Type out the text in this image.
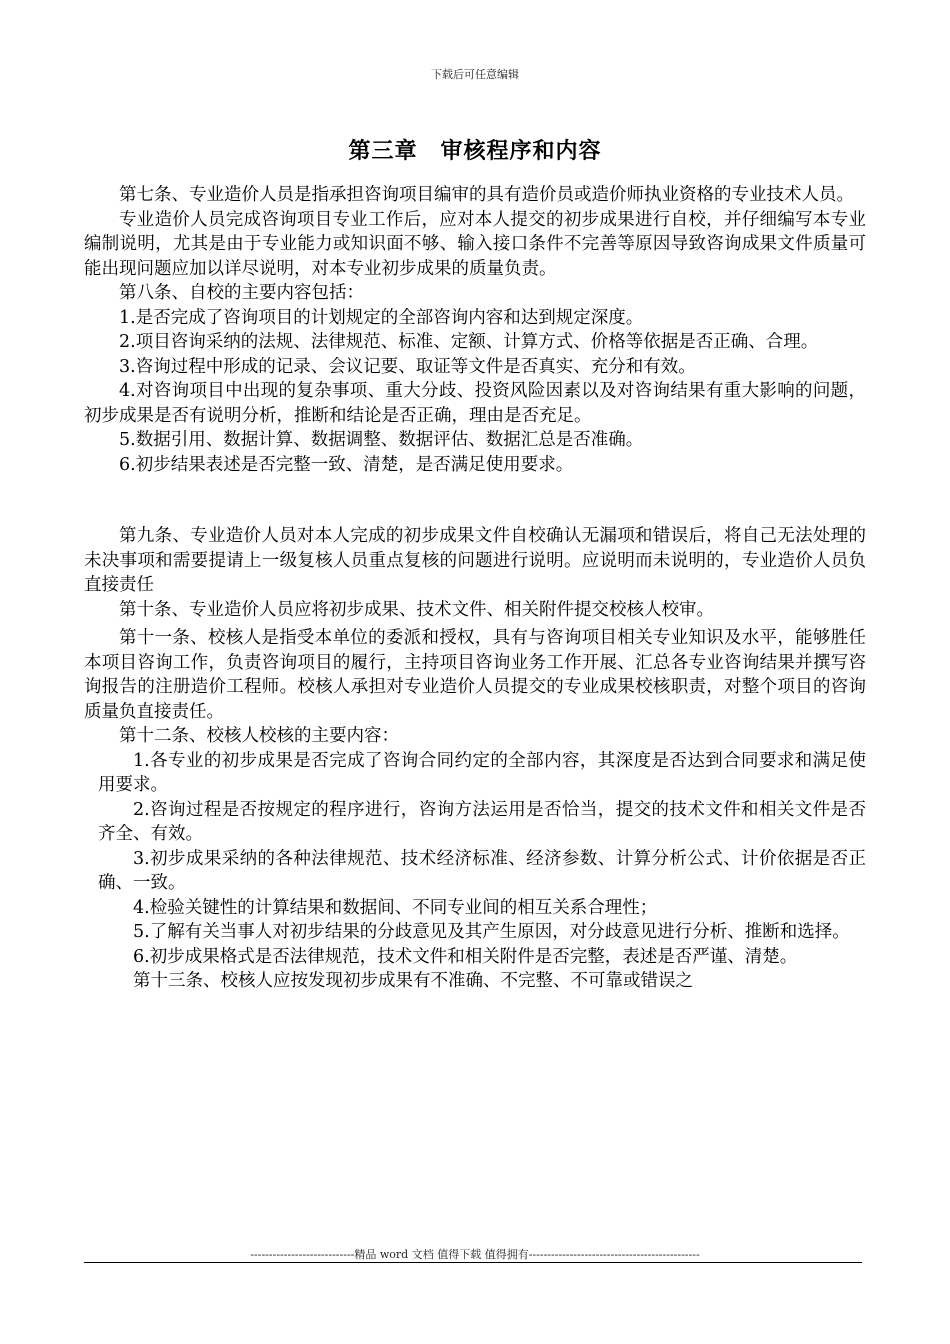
下载后可任意编辑
第三章　审核程序和内容

第七条、专业造价人员是指承担咨询项目编审的具有造价员或造价师执业资格的专业技术人员。

专业造价人员完成咨询项目专业工作后，应对本人提交的初步成果进行自校，并仔细编写本专业编制说明，尤其是由于专业能力或知识面不够、输入接口条件不完善等原因导致咨询成果文件质量可能出现问题应加以详尽说明，对本专业初步成果的质量负责。

第八条、自校的主要内容包括：

1.是否完成了咨询项目的计划规定的全部咨询内容和达到规定深度。

2.项目咨询采纳的法规、法律规范、标准、定额、计算方式、价格等依据是否正确、合理。

3.咨询过程中形成的记录、会议记要、取证等文件是否真实、充分和有效。

4.对咨询项目中出现的复杂事项、重大分歧、投资风险因素以及对咨询结果有重大影响的问题，初步成果是否有说明分析，推断和结论是否正确，理由是否充足。

5.数据引用、数据计算、数据调整、数据评估、数据汇总是否准确。

6.初步结果表述是否完整一致、清楚，是否满足使用要求。

第九条、专业造价人员对本人完成的初步成果文件自校确认无漏项和错误后，将自己无法处理的未决事项和需要提请上一级复核人员重点复核的问题进行说明。应说明而未说明的，专业造价人员负直接责任

第十条、专业造价人员应将初步成果、技术文件、相关附件提交校核人校审。

第十一条、校核人是指受本单位的委派和授权，具有与咨询项目相关专业知识及水平，能够胜任本项目咨询工作，负责咨询项目的履行，主持项目咨询业务工作开展、汇总各专业咨询结果并撰写咨询报告的注册造价工程师。校核人承担对专业造价人员提交的专业成果校核职责，对整个项目的咨询质量负直接责任。

第十二条、校核人校核的主要内容：

1.各专业的初步成果是否完成了咨询合同约定的全部内容，其深度是否达到合同要求和满足使用要求。

2.咨询过程是否按规定的程序进行，咨询方法运用是否恰当，提交的技术文件和相关文件是否齐全、有效。

3.初步成果采纳的各种法律规范、技术经济标准、经济参数、计算分析公式、计价依据是否正确、一致。

4.检验关键性的计算结果和数据间、不同专业间的相互关系合理性；

5.了解有关当事人对初步结果的分歧意见及其产生原因，对分歧意见进行分析、推断和选择。

6.初步成果格式是否法律规范，技术文件和相关附件是否完整，表述是否严谨、清楚。

第十三条、校核人应按发现初步成果有不准确、不完整、不可靠或错误之

----------------------------精品 word 文档 值得下载 值得拥有----------------------------------------------
